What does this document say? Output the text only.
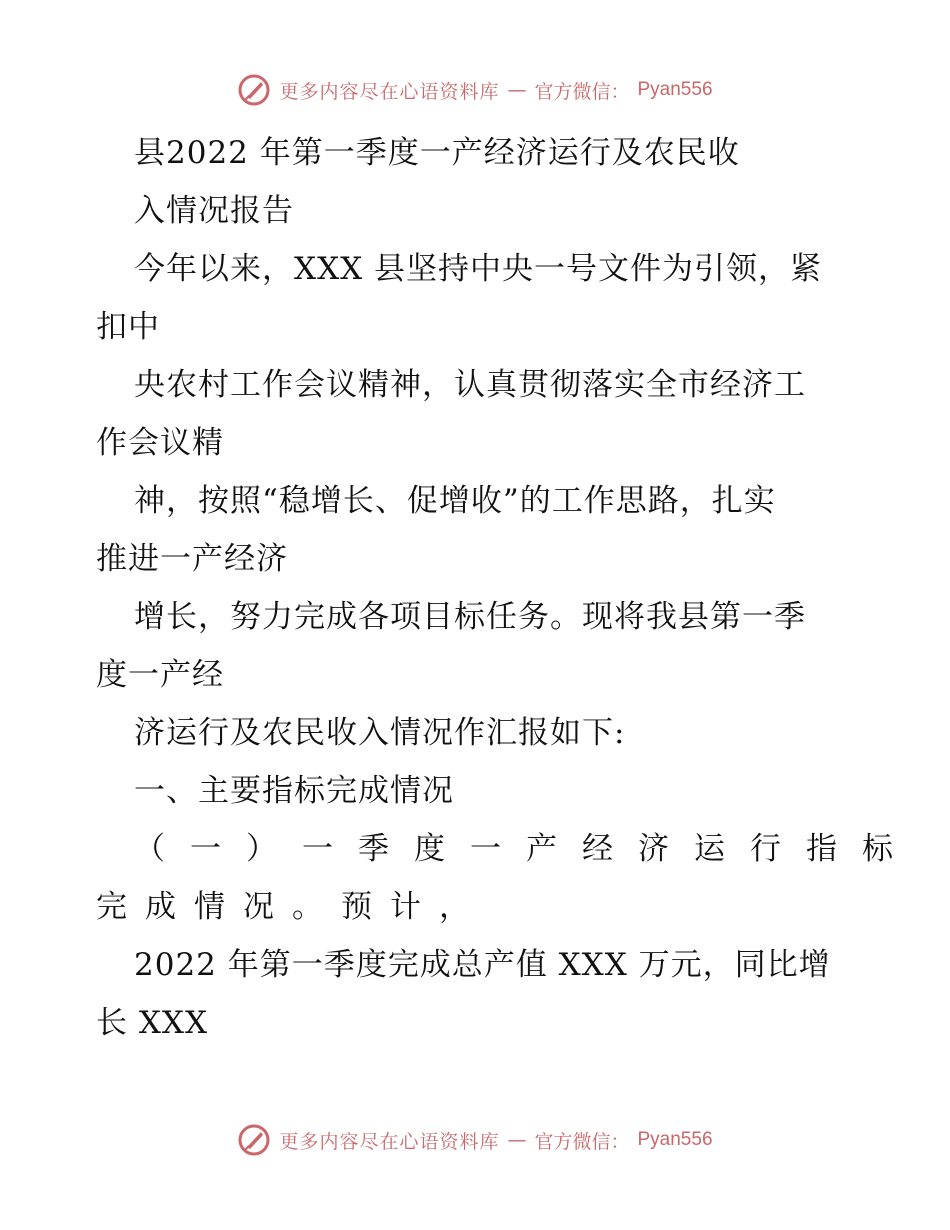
更多内容尽在心语资料库 — 官方微信： Pyan556
县2022 年第一季度一产经济运行及农民收
入情况报告
今年以来，XXX 县坚持中央一号文件为引领，紧
扣中
央农村工作会议精神，认真贯彻落实全市经济工
作会议精
神，按照“稳增长、促增收”的工作思路，扎实
推进一产经济
增长，努力完成各项目标任务。现将我县第一季
度一产经
济运行及农民收入情况作汇报如下:
一、主要指标完成情况
（一）一季度一产经济运行指标
完成情况。预计，
2022 年第一季度完成总产值 XXX 万元，同比增
长 XXX
更多内容尽在心语资料库 — 官方微信： Pyan556
